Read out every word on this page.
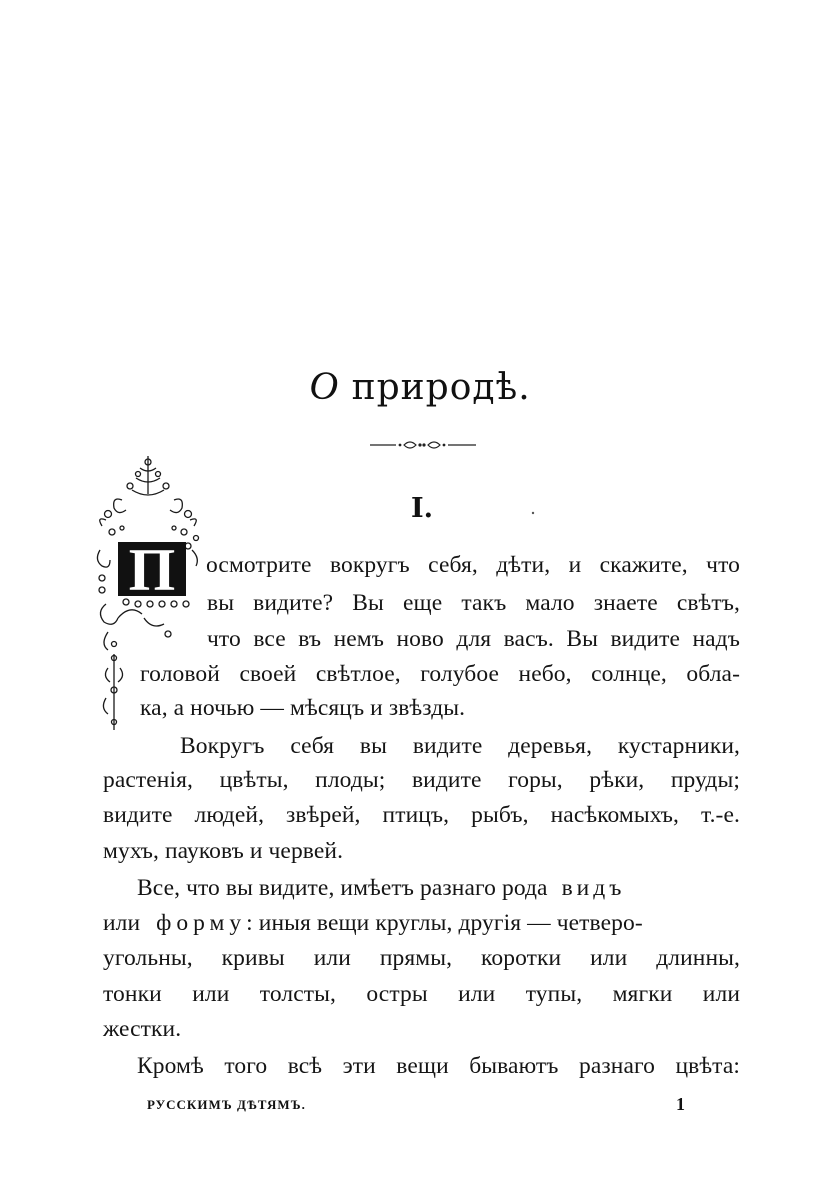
О природѣ.
I.
П осмотрите вокругъ себя, дѣти, и скажите, что
вы видите? Вы еще такъ мало знаете свѣтъ,
что все въ немъ ново для васъ. Вы видите надъ
головой своей свѣтлое, голубое небо, солнце, обла-
ка, а ночью — мѣсяцъ и звѣзды.
Вокругъ себя вы видите деревья, кустарники,
растенія, цвѣты, плоды; видите горы, рѣки, пруды;
видите людей, звѣрей, птицъ, рыбъ, насѣкомыхъ, т.-е.
мухъ, пауковъ и червей.
Все, что вы видите, имѣетъ разнаго рода видъ
или форму: иныя вещи круглы, другія — четверо-
угольны, кривы или прямы, коротки или длинны,
тонки или толсты, остры или тупы, мягки или
жестки.
Кромѣ того всѣ эти вещи бываютъ разнаго цвѣта:
РУССКИМЪ ДѢТЯМЪ.	1
